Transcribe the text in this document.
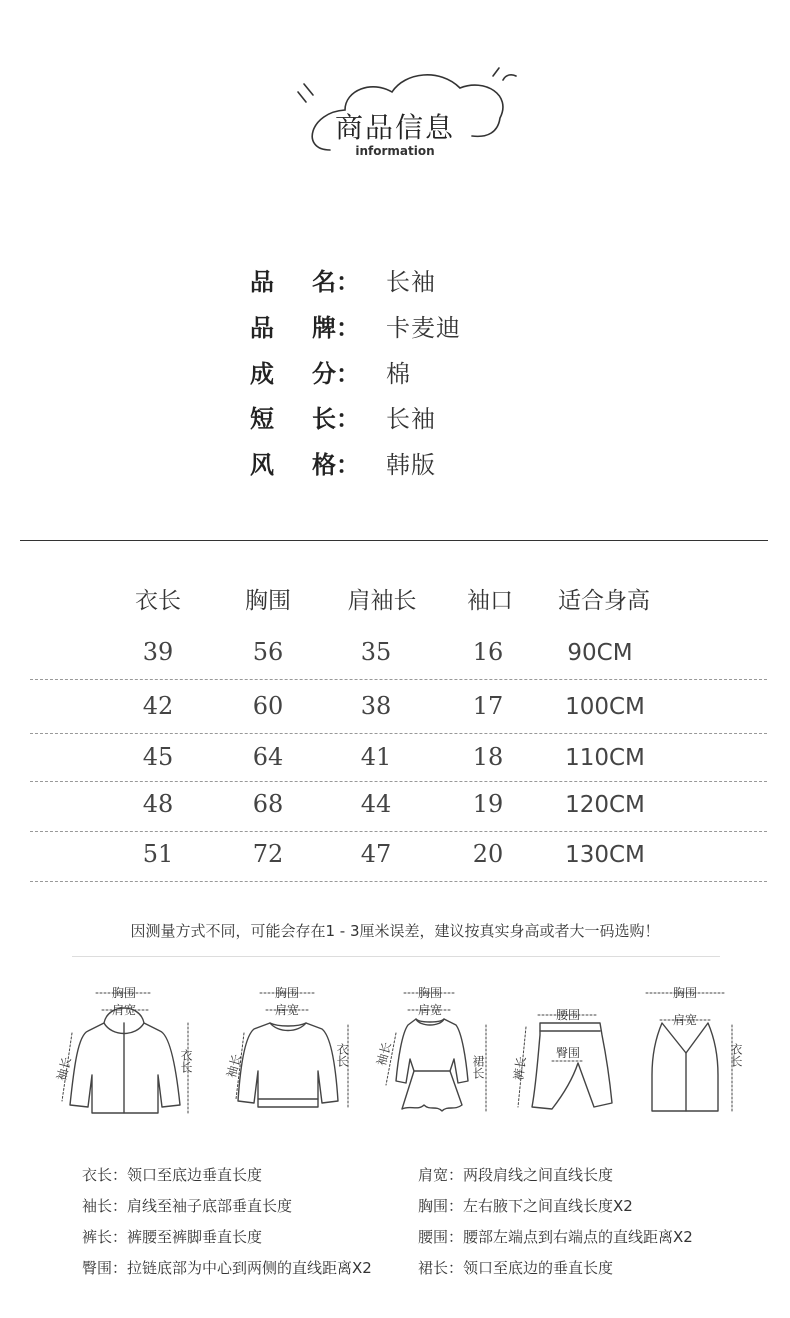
商品信息
information
品 名 ： 长袖
品 牌 ： 卡麦迪
成 分 ： 棉
短 长 ： 长袖
风 格 ： 韩版
衣长	胸围	肩袖长	袖口	适合身高
39	56	35	16	90CM
42	60	38	17	100CM
45	64	41	18	110CM
48	68	44	19	120CM
51	72	47	20	130CM
因测量方式不同，可能会存在1 - 3厘米误差，建议按真实身高或者大一码选购！
胸围
肩宽
袖长	衣长
胸围
肩宽
袖长	衣长
胸围
肩宽
袖长	裙长
腰围
臀围
裤长
胸围
肩宽
衣长
衣长：领口至底边垂直长度
袖长：肩线至袖子底部垂直长度
裤长：裤腰至裤脚垂直长度
臀围：拉链底部为中心到两侧的直线距离X2
肩宽：两段肩线之间直线长度
胸围：左右腋下之间直线长度X2
腰围：腰部左端点到右端点的直线距离X2
裙长：领口至底边的垂直长度
